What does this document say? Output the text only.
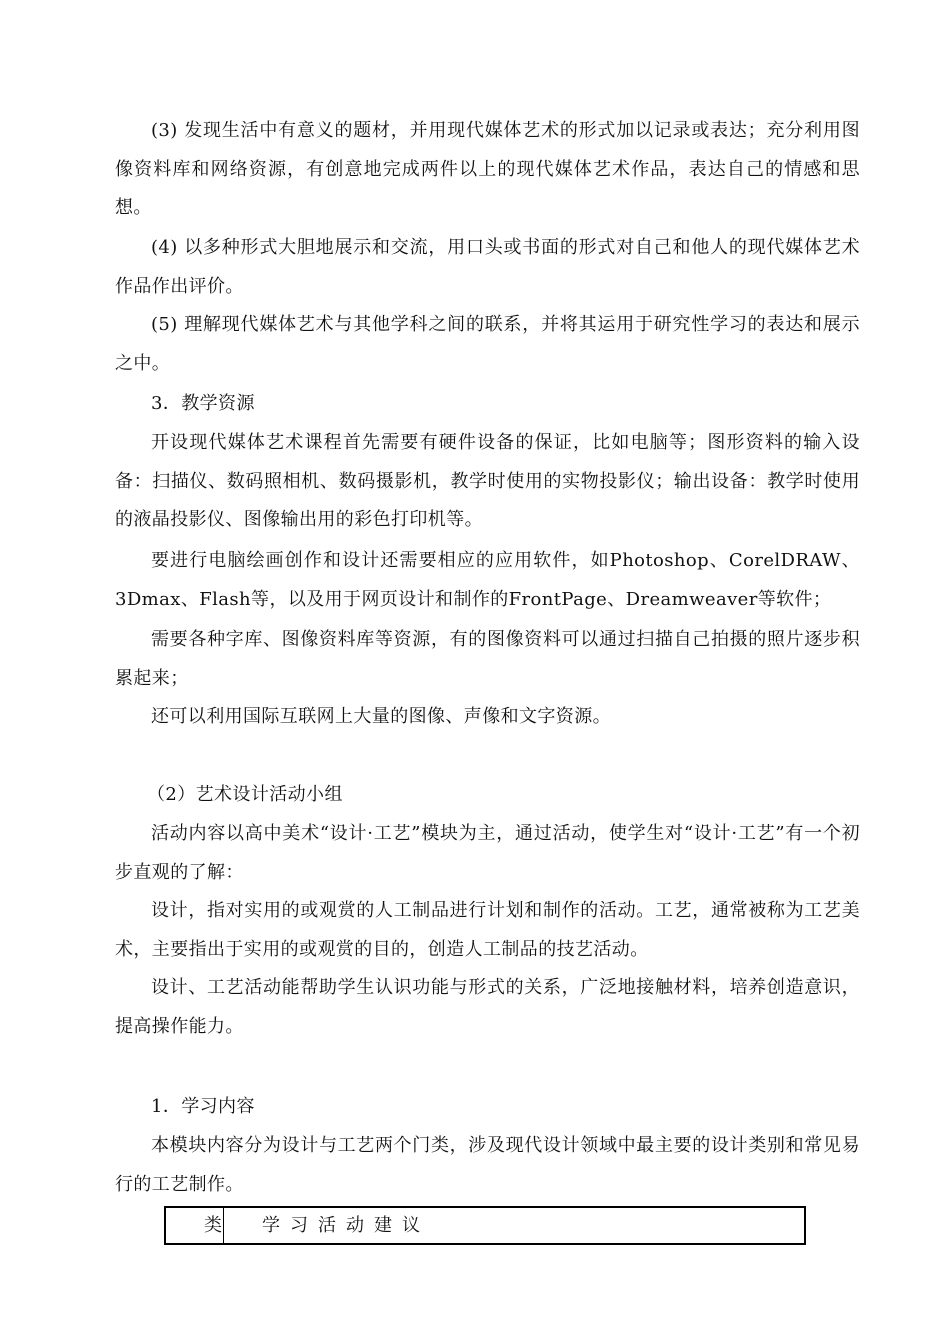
(3) 发现生活中有意义的题材，并用现代媒体艺术的形式加以记录或表达；充分利用图像资料库和网络资源，有创意地完成两件以上的现代媒体艺术作品，表达自己的情感和思想。

(4) 以多种形式大胆地展示和交流，用口头或书面的形式对自己和他人的现代媒体艺术作品作出评价。

(5) 理解现代媒体艺术与其他学科之间的联系，并将其运用于研究性学习的表达和展示之中。

3．教学资源

开设现代媒体艺术课程首先需要有硬件设备的保证，比如电脑等；图形资料的输入设备：扫描仪、数码照相机、数码摄影机，教学时使用的实物投影仪；输出设备：教学时使用的液晶投影仪、图像输出用的彩色打印机等。

要进行电脑绘画创作和设计还需要相应的应用软件，如Photoshop、CorelDRAW、3Dmax、Flash等，以及用于网页设计和制作的FrontPage、Dreamweaver等软件；

需要各种字库、图像资料库等资源，有的图像资料可以通过扫描自己拍摄的照片逐步积累起来；

还可以利用国际互联网上大量的图像、声像和文字资源。

（2）艺术设计活动小组

活动内容以高中美术“设计·工艺”模块为主，通过活动，使学生对“设计·工艺”有一个初步直观的了解：

设计，指对实用的或观赏的人工制品进行计划和制作的活动。工艺，通常被称为工艺美术，主要指出于实用的或观赏的目的，创造人工制品的技艺活动。

设计、工艺活动能帮助学生认识功能与形式的关系，广泛地接触材料，培养创造意识，提高操作能力。

1．学习内容

本模块内容分为设计与工艺两个门类，涉及现代设计领域中最主要的设计类别和常见易行的工艺制作。

类	学习活动建议
